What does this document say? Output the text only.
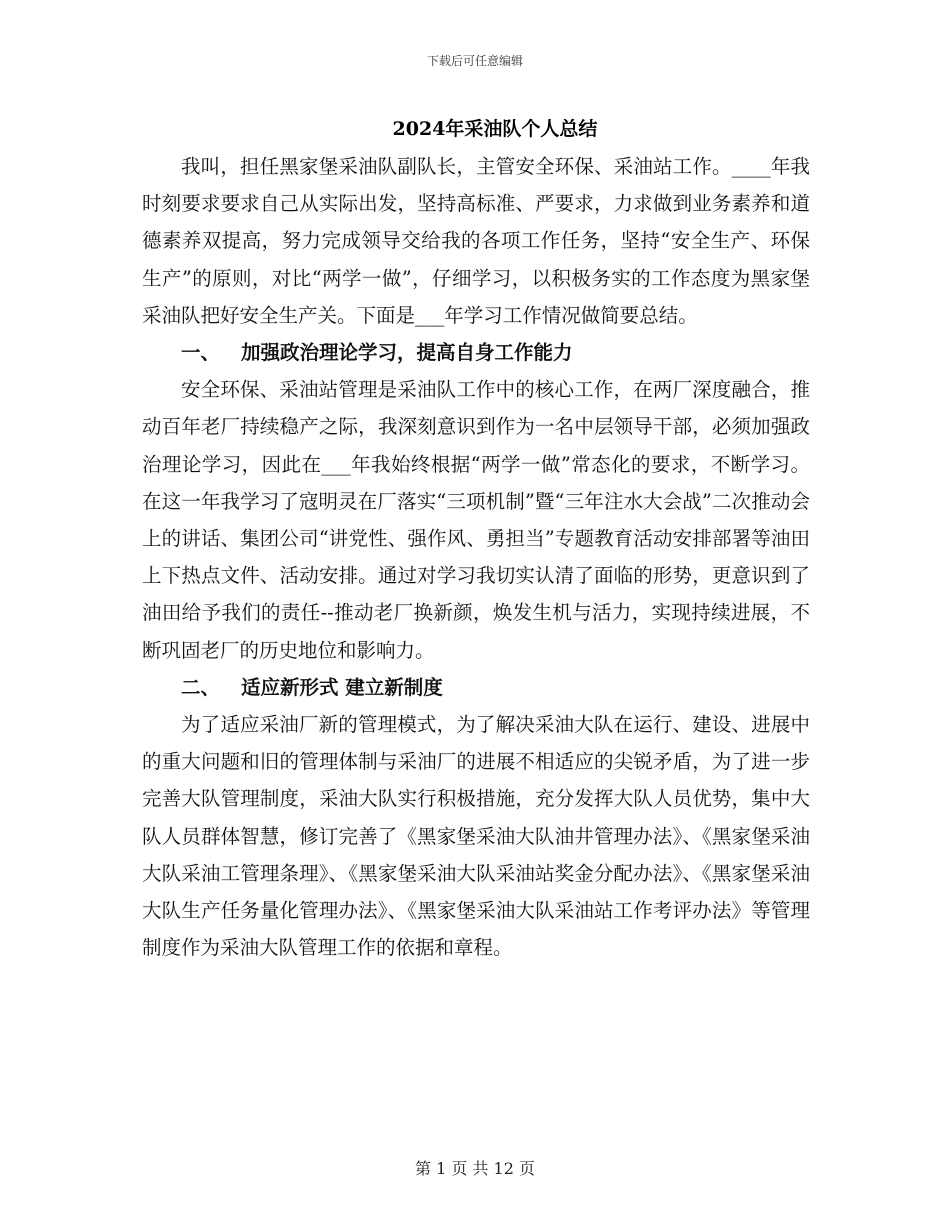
下载后可任意编辑
2024年采油队个人总结

我叫，担任黑家堡采油队副队长，主管安全环保、采油站工作。____年我时刻要求要求自己从实际出发，坚持高标准、严要求，力求做到业务素养和道德素养双提高，努力完成领导交给我的各项工作任务，坚持“安全生产、环保生产”的原则，对比“两学一做”，仔细学习，以积极务实的工作态度为黑家堡采油队把好安全生产关。下面是___年学习工作情况做简要总结。

一、 加强政治理论学习，提高自身工作能力

安全环保、采油站管理是采油队工作中的核心工作，在两厂深度融合，推动百年老厂持续稳产之际，我深刻意识到作为一名中层领导干部，必须加强政治理论学习，因此在___年我始终根据“两学一做”常态化的要求，不断学习。在这一年我学习了寇明灵在厂落实“三项机制”暨“三年注水大会战”二次推动会上的讲话、集团公司“讲党性、强作风、勇担当”专题教育活动安排部署等油田上下热点文件、活动安排。通过对学习我切实认清了面临的形势，更意识到了油田给予我们的责任--推动老厂换新颜，焕发生机与活力，实现持续进展，不断巩固老厂的历史地位和影响力。

二、 适应新形式 建立新制度

为了适应采油厂新的管理模式，为了解决采油大队在运行、建设、进展中的重大问题和旧的管理体制与采油厂的进展不相适应的尖锐矛盾，为了进一步完善大队管理制度，采油大队实行积极措施，充分发挥大队人员优势，集中大队人员群体智慧，修订完善了《黑家堡采油大队油井管理办法》、《黑家堡采油大队采油工管理条理》、《黑家堡采油大队采油站奖金分配办法》、《黑家堡采油大队生产任务量化管理办法》、《黑家堡采油大队采油站工作考评办法》等管理制度作为采油大队管理工作的依据和章程。

第 1 页 共 12 页
